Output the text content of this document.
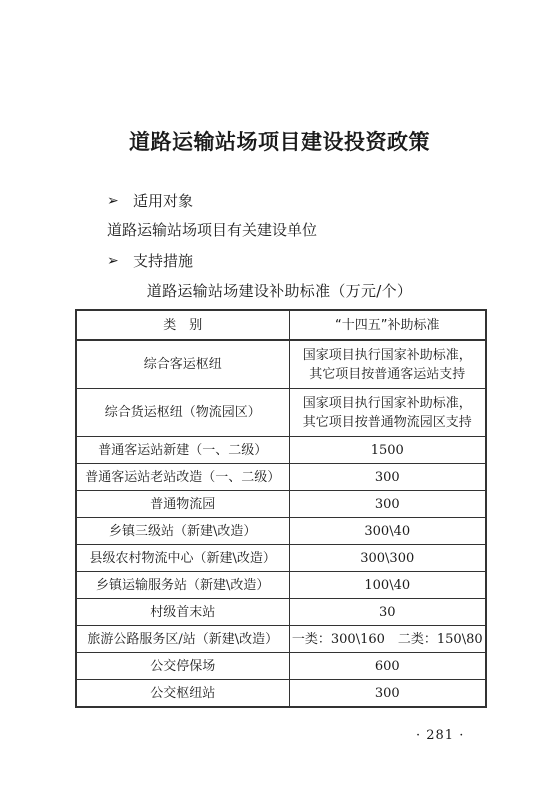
道路运输站场项目建设投资政策
➢ 适用对象
道路运输站场项目有关建设单位
➢ 支持措施
道路运输站场建设补助标准（万元/个）
类　别	“十四五”补助标准
综合客运枢纽	国家项目执行国家补助标准，
其它项目按普通客运站支持

综合货运枢纽（物流园区）	国家项目执行国家补助标准，
其它项目按普通物流园区支持

普通客运站新建（一、二级）	1500
普通客运站老站改造（一、二级）	300
普通物流园	300
乡镇三级站（新建\改造）	300\40
县级农村物流中心（新建\改造）	300\300
乡镇运输服务站（新建\改造）	100\40
村级首末站	30
旅游公路服务区/站（新建\改造）	一类：300\160　二类：150\80
公交停保场	600
公交枢纽站	300
· 281 ·
